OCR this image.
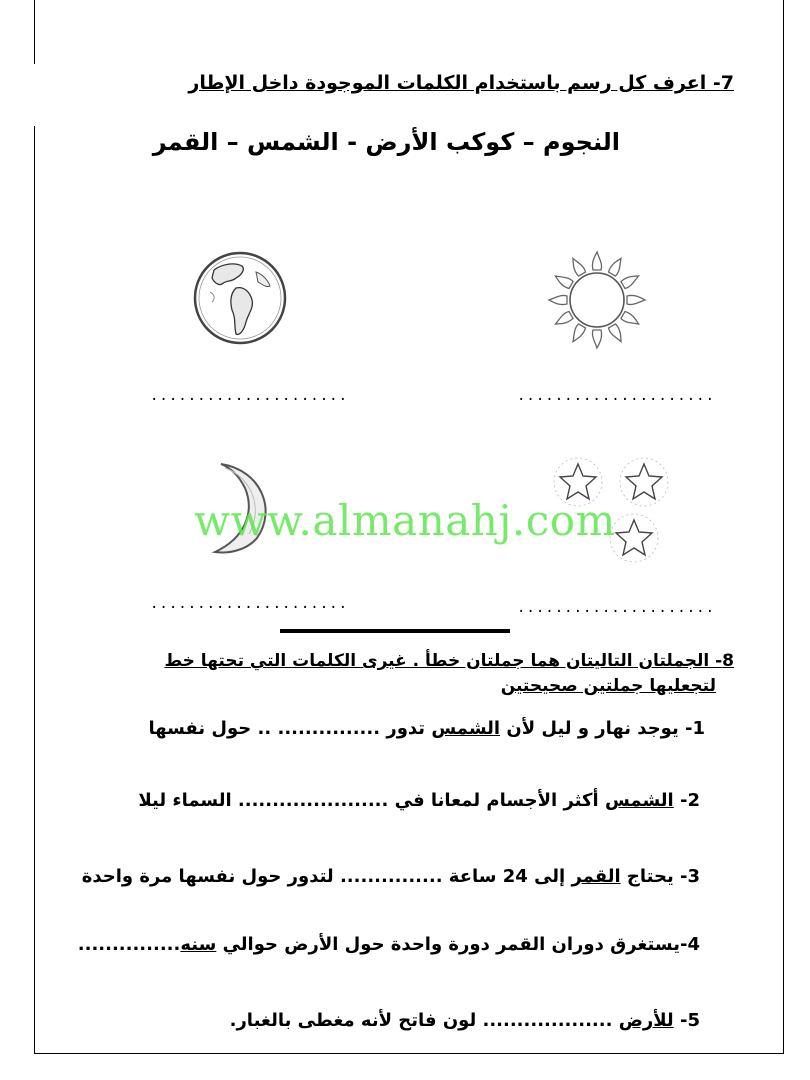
7- اعرف كل رسم باستخدام الكلمات الموجودة داخل الإطار
النجوم – كوكب الأرض - الشمس – القمر
.....................	.....................
.....................	.....................
8- الجملتان التاليتان هما جملتان خطأ . غيرى الكلمات التي تحتها خط
لتجعليها جملتين صحيحتين
1- يوجد نهار و ليل لأن الشمس تدور ............... .. حول نفسها
2- الشمس أكثر الأجسام لمعانا في ...................... السماء ليلا
3- يحتاج القمر إلى 24 ساعة ............... لتدور حول نفسها مرة واحدة
4-يستغرق دوران القمر دورة واحدة حول الأرض حوالي سنه...............
5- للأرض ................... لون فاتح لأنه مغطى بالغبار.
www.almanahj.com
